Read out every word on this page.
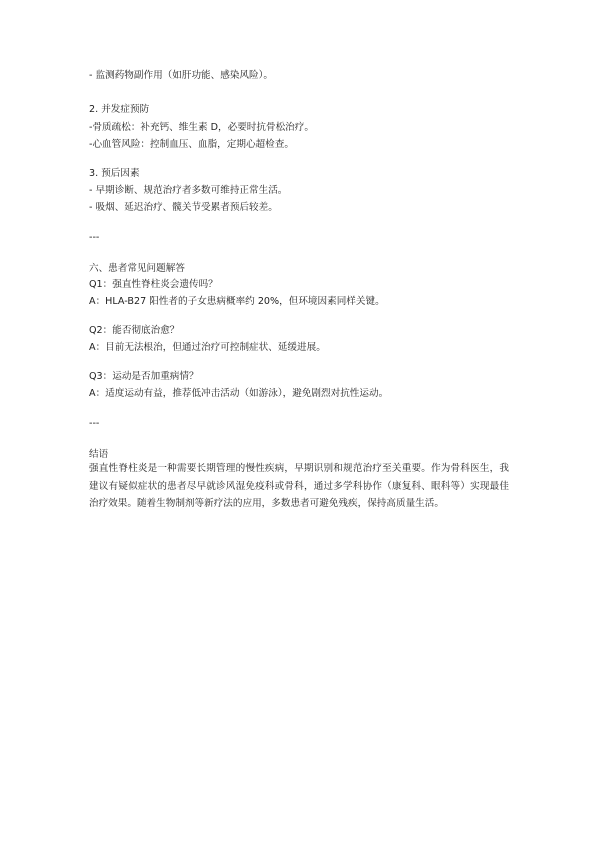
- 监测药物副作用（如肝功能、感染风险）。
2. 并发症预防
-骨质疏松：补充钙、维生素 D，必要时抗骨松治疗。
-心血管风险：控制血压、血脂，定期心超检查。
3. 预后因素
- 早期诊断、规范治疗者多数可维持正常生活。
- 吸烟、延迟治疗、髋关节受累者预后较差。
---
六、患者常见问题解答
Q1：强直性脊柱炎会遗传吗？
A：HLA-B27 阳性者的子女患病概率约 20%，但环境因素同样关键。
Q2：能否彻底治愈？
A：目前无法根治，但通过治疗可控制症状、延缓进展。
Q3：运动是否加重病情？
A：适度运动有益，推荐低冲击活动（如游泳），避免剧烈对抗性运动。
---
结语
强直性脊柱炎是一种需要长期管理的慢性疾病，早期识别和规范治疗至关重要。作为骨科医生，我建议有疑似症状的患者尽早就诊风湿免疫科或骨科，通过多学科协作（康复科、眼科等）实现最佳治疗效果。随着生物制剂等新疗法的应用，多数患者可避免残疾，保持高质量生活。
